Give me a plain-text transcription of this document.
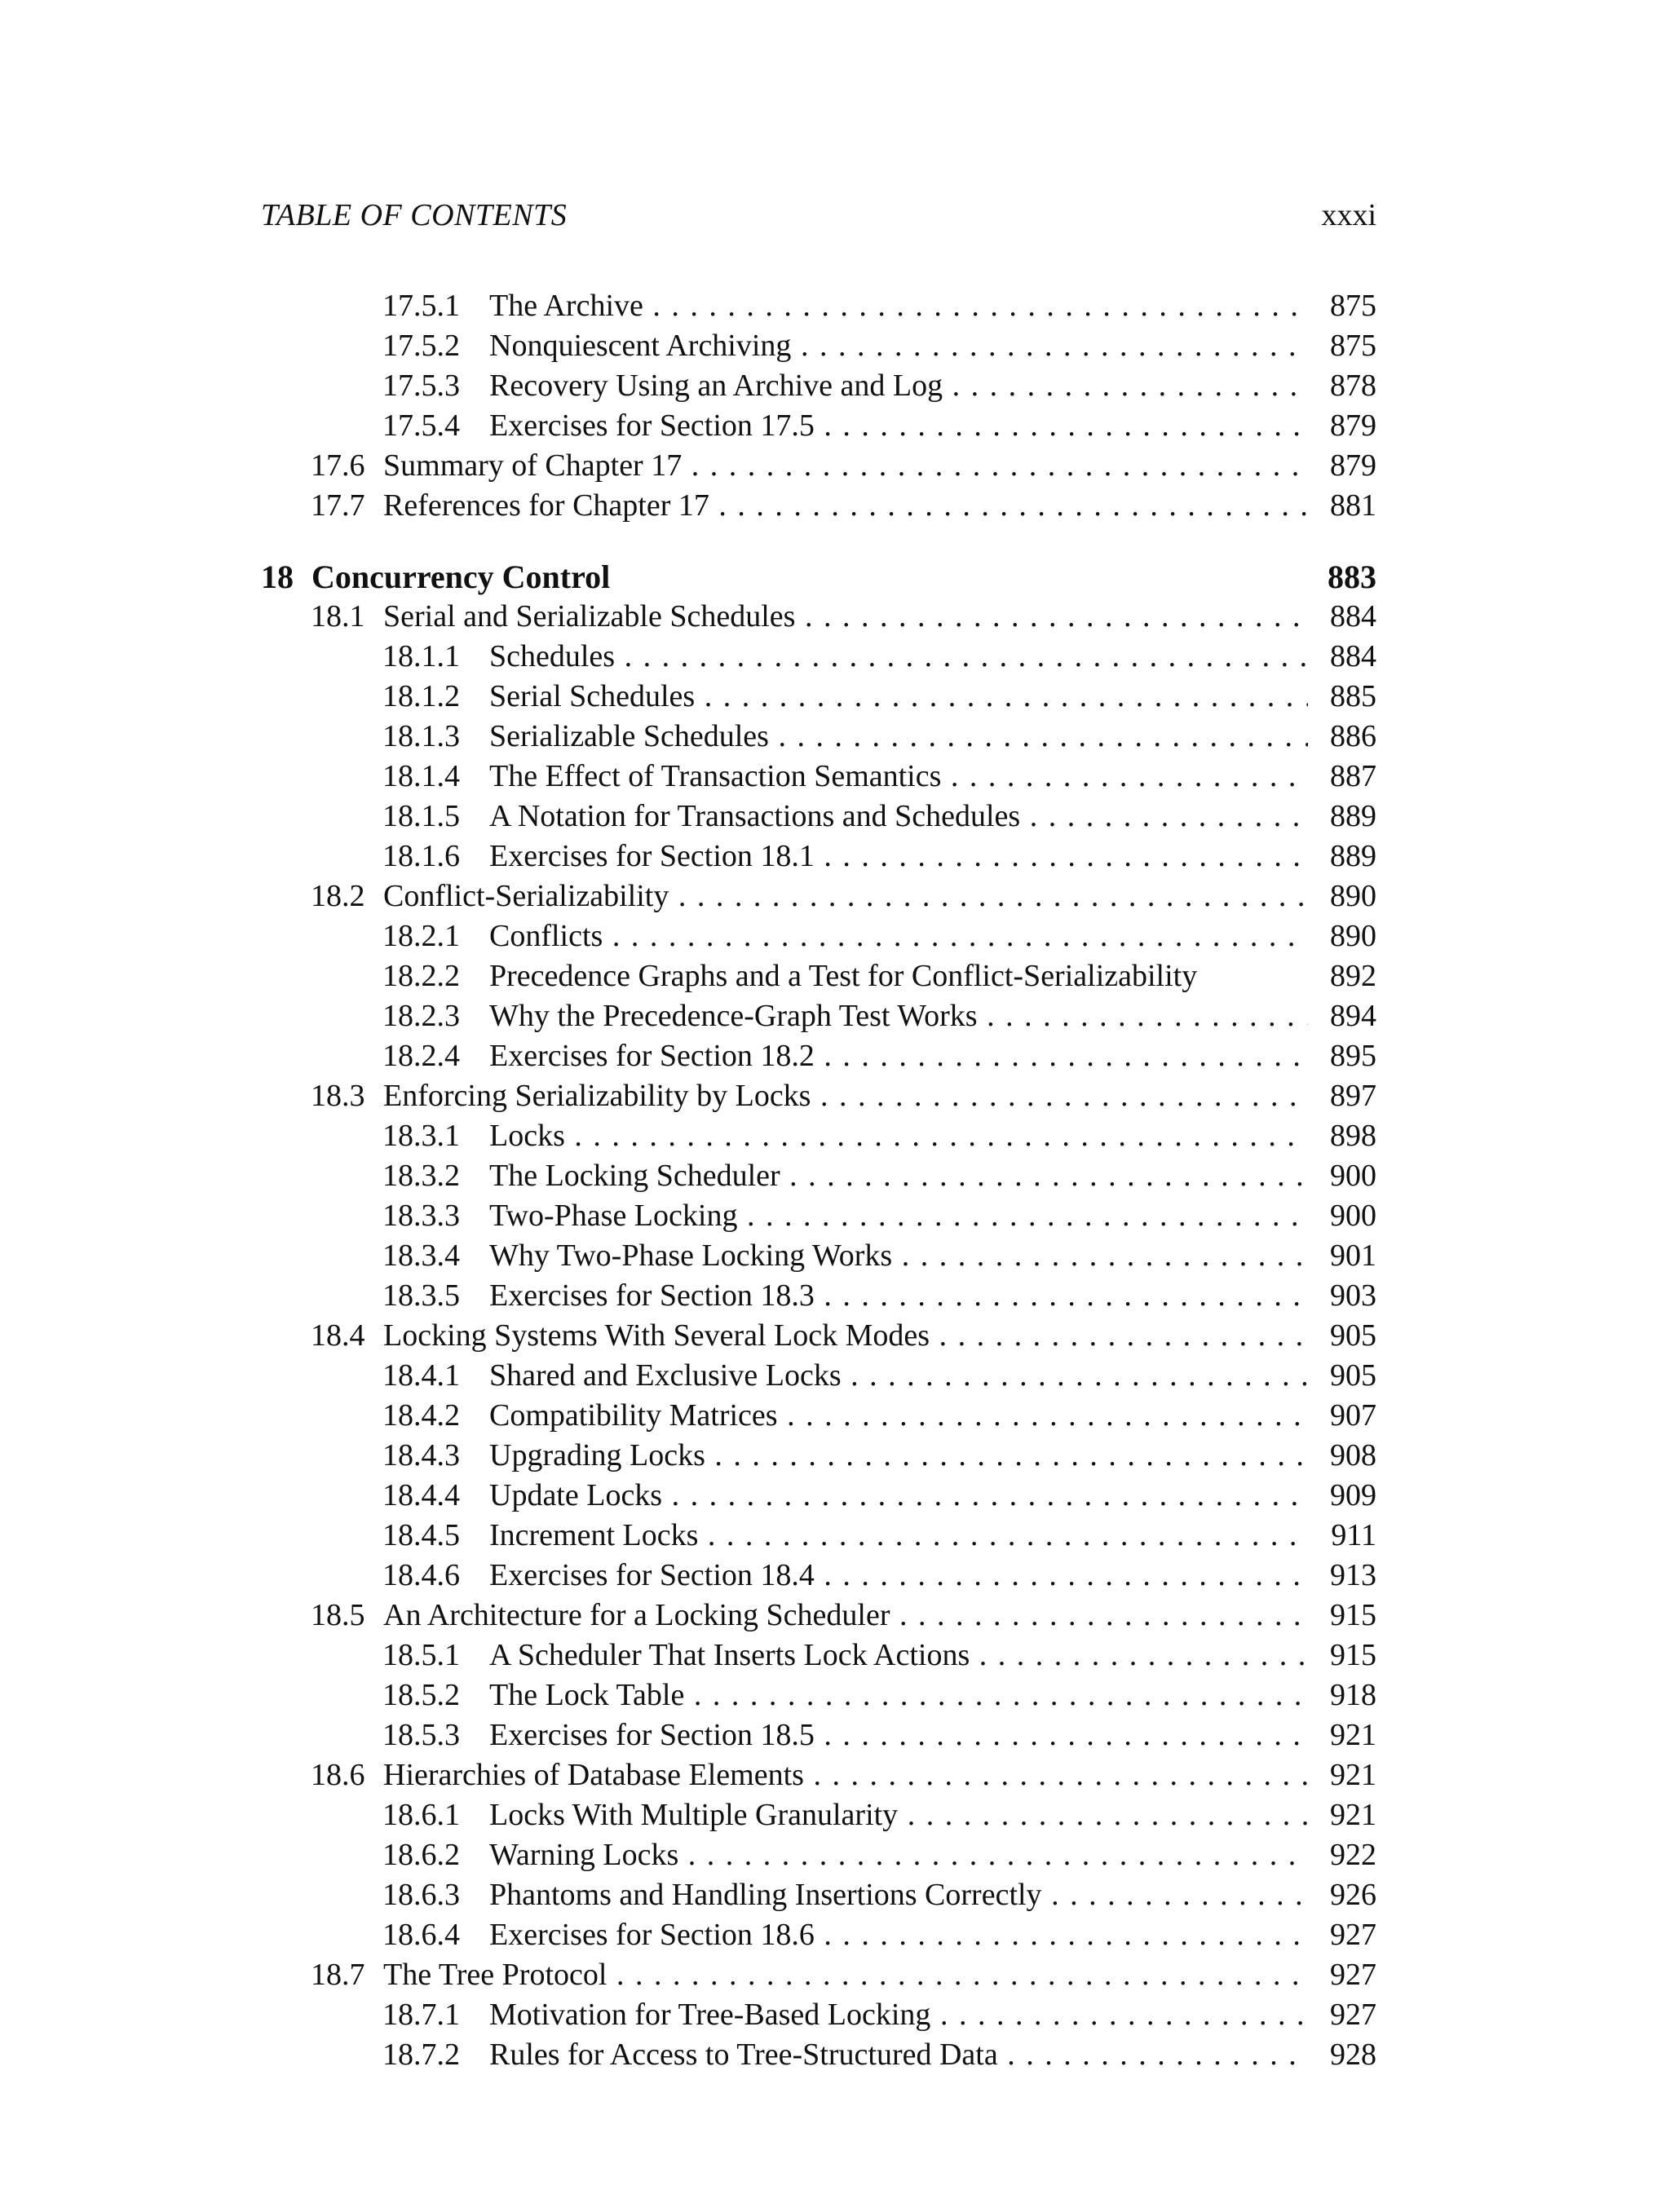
TABLE OF CONTENTS	xxxi
17.5.1 The Archive . .	875
17.5.2 Nonquiescent Archiving . .	875
17.5.3 Recovery Using an Archive and Log . .	878
17.5.4 Exercises for Section 17.5 . .	879
17.6 Summary of Chapter 17 . .	879
17.7 References for Chapter 17 . .	881
18 Concurrency Control	883
18.1 Serial and Serializable Schedules . .	884
18.1.1 Schedules . .	884
18.1.2 Serial Schedules . .	885
18.1.3 Serializable Schedules . .	886
18.1.4 The Effect of Transaction Semantics . .	887
18.1.5 A Notation for Transactions and Schedules . .	889
18.1.6 Exercises for Section 18.1 . .	889
18.2 Conflict-Serializability . .	890
18.2.1 Conflicts . .	890
18.2.2 Precedence Graphs and a Test for Conflict-Serializability	892
18.2.3 Why the Precedence-Graph Test Works . .	894
18.2.4 Exercises for Section 18.2 . .	895
18.3 Enforcing Serializability by Locks . .	897
18.3.1 Locks . .	898
18.3.2 The Locking Scheduler . .	900
18.3.3 Two-Phase Locking . .	900
18.3.4 Why Two-Phase Locking Works . .	901
18.3.5 Exercises for Section 18.3 . .	903
18.4 Locking Systems With Several Lock Modes . .	905
18.4.1 Shared and Exclusive Locks . .	905
18.4.2 Compatibility Matrices . .	907
18.4.3 Upgrading Locks . .	908
18.4.4 Update Locks . .	909
18.4.5 Increment Locks . .	911
18.4.6 Exercises for Section 18.4 . .	913
18.5 An Architecture for a Locking Scheduler . .	915
18.5.1 A Scheduler That Inserts Lock Actions . .	915
18.5.2 The Lock Table . .	918
18.5.3 Exercises for Section 18.5 . .	921
18.6 Hierarchies of Database Elements . .	921
18.6.1 Locks With Multiple Granularity . .	921
18.6.2 Warning Locks . .	922
18.6.3 Phantoms and Handling Insertions Correctly . .	926
18.6.4 Exercises for Section 18.6 . .	927
18.7 The Tree Protocol . .	927
18.7.1 Motivation for Tree-Based Locking . .	927
18.7.2 Rules for Access to Tree-Structured Data . .	928
